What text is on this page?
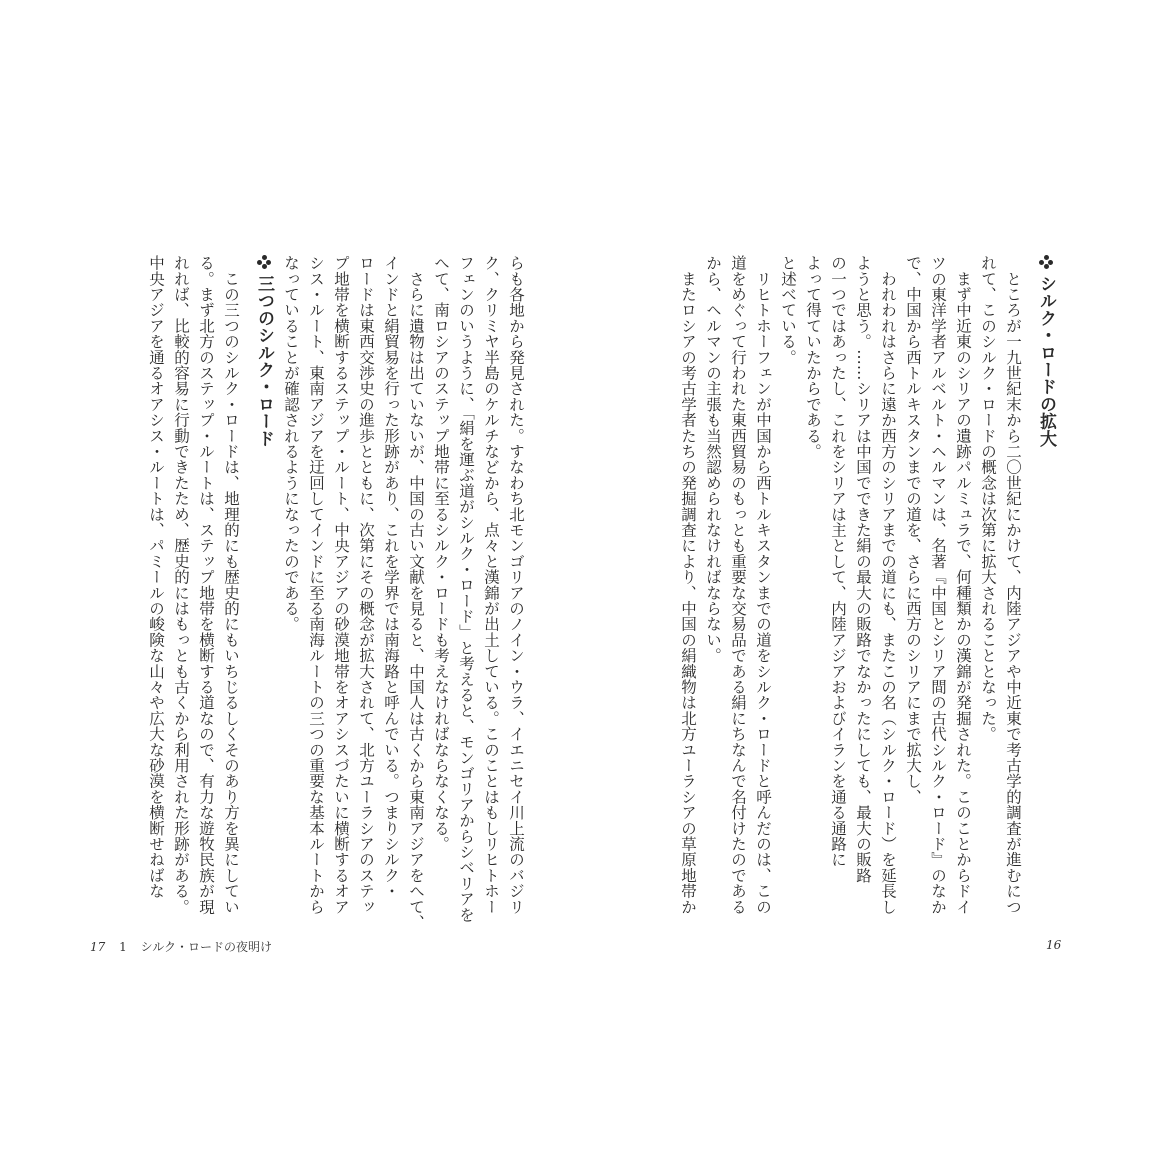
らも各地から発見された。すなわち北モンゴリアのノイン・ウラ、イエニセイ川上流のバジリ
ク、クリミヤ半島のケルチなどから、点々と漢錦が出土している。このことはもしリヒトホー
フェンのいうように、「絹を運ぶ道がシルク・ロード」と考えると、モンゴリアからシベリアを
へて、南ロシアのステップ地帯に至るシルク・ロードも考えなければならなくなる。
　さらに遺物は出ていないが、中国の古い文献を見ると、中国人は古くから東南アジアをへて、
インドと絹貿易を行った形跡があり、これを学界では南海路と呼んでいる。つまりシルク・
ロードは東西交渉史の進歩とともに、次第にその概念が拡大されて、北方ユーラシアのステッ
プ地帯を横断するステップ・ルート、中央アジアの砂漠地帯をオアシスづたいに横断するオア
シス・ルート、東南アジアを迂回してインドに至る南海ルートの三つの重要な基本ルートから
なっていることが確認されるようになったのである。
三つのシルク・ロード
　この三つのシルク・ロードは、地理的にも歴史的にもいちじるしくそのあり方を異にしてい
る。まず北方のステップ・ルートは、ステップ地帯を横断する道なので、有力な遊牧民族が現
れれば、比較的容易に行動できたため、歴史的にはもっとも古くから利用された形跡がある。
中央アジアを通るオアシス・ルートは、パミールの峻険な山々や広大な砂漠を横断せねばな	シルク・ロードの拡大
　ところが一九世紀末から二〇世紀にかけて、内陸アジアや中近東で考古学的調査が進むにつ
れて、このシルク・ロードの概念は次第に拡大されることとなった。
　まず中近東のシリアの遺跡パルミュラで、何種類かの漢錦が発掘された。このことからドイ
ツの東洋学者アルベルト・ヘルマンは、名著『中国とシリア間の古代シルク・ロード』のなか
で、中国から西トルキスタンまでの道を、さらに西方のシリアにまで拡大し、
　われわれはさらに遠か西方のシリアまでの道にも、またこの名（シルク・ロード）を延長し
ようと思う。……シリアは中国でできた絹の最大の販路でなかったにしても、最大の販路
の一つではあったし、これをシリアは主として、内陸アジアおよびイランを通る通路に
よって得ていたからである。
と述べている。
　リヒトホーフェンが中国から西トルキスタンまでの道をシルク・ロードと呼んだのは、この
道をめぐって行われた東西貿易のもっとも重要な交易品である絹にちなんで名付けたのである
から、ヘルマンの主張も当然認められなければならない。
　またロシアの考古学者たちの発掘調査により、中国の絹織物は北方ユーラシアの草原地帯か
17 1 シルク・ロードの夜明け	16
